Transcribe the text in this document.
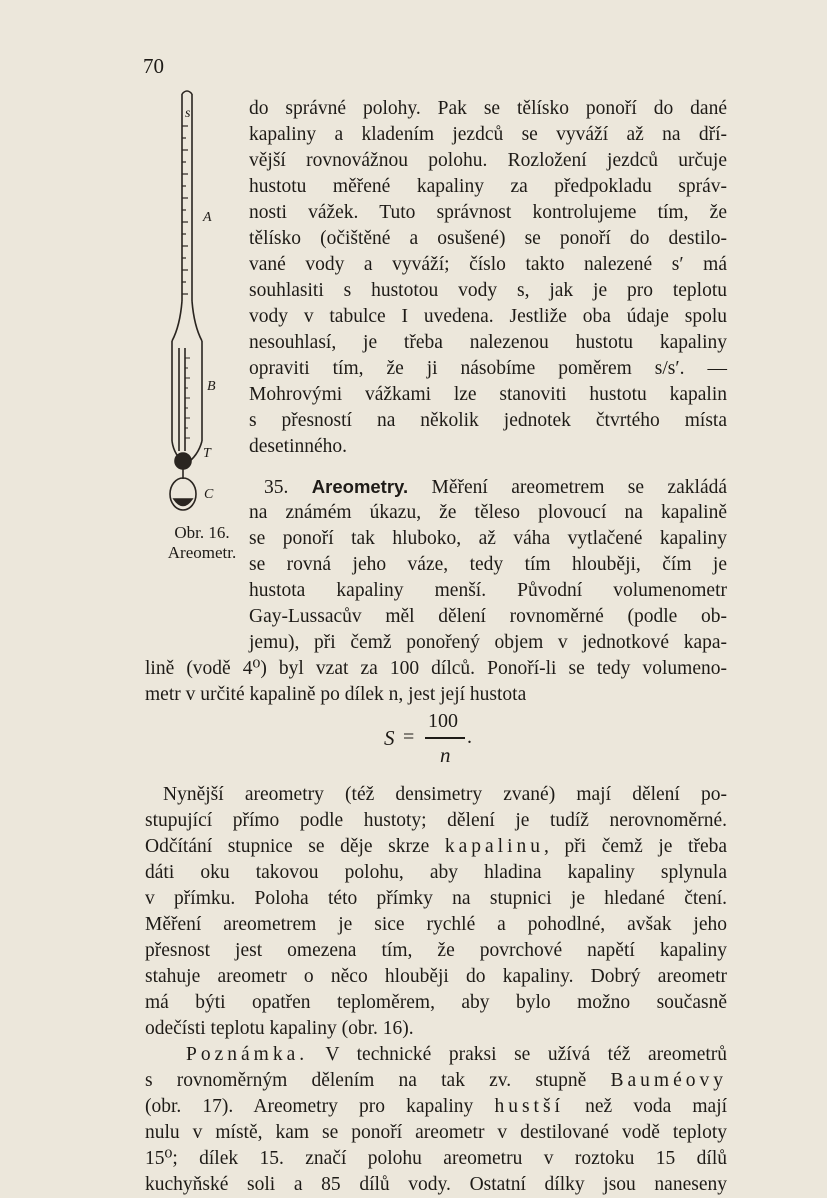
70
s
A
B
T
C
Obr. 16.
Areometr.
do správné polohy. Pak se tělísko ponoří do dané
kapaliny a kladením jezdců se vyváží až na dří-
vější rovnovážnou polohu. Rozložení jezdců určuje
hustotu měřené kapaliny za předpokladu správ-
nosti vážek. Tuto správnost kontrolujeme tím, že
tělísko (očištěné a osušené) se ponoří do destilo-
vané vody a vyváží; číslo takto nalezené s′ má
souhlasiti s hustotou vody s, jak je pro teplotu
vody v tabulce I uvedena. Jestliže oba údaje spolu
nesouhlasí, je třeba nalezenou hustotu kapaliny
opraviti tím, že ji násobíme poměrem s/s′. —
Mohrovými vážkami lze stanoviti hustotu kapalin
s přesností na několik jednotek čtvrtého místa
desetinného.
35. Areometry. Měření areometrem se zakládá
na známém úkazu, že těleso plovoucí na kapalině
se ponoří tak hluboko, až váha vytlačené kapaliny
se rovná jeho váze, tedy tím hlouběji, čím je
hustota kapaliny menší. Původní volumenometr
Gay-Lussacův měl dělení rovnoměrné (podle ob-
jemu), při čemž ponořený objem v jednotkové kapa-
lině (vodě 4⁰) byl vzat za 100 dílců. Ponoří-li se tedy volumeno-
metr v určité kapalině po dílek n, jest její hustota
S =
100
n
.
Nynější areometry (též densimetry zvané) mají dělení po-
stupující přímo podle hustoty; dělení je tudíž nerovnoměrné.
Odčítání stupnice se děje skrze kapalinu, při čemž je třeba
dáti oku takovou polohu, aby hladina kapaliny splynula
v přímku. Poloha této přímky na stupnici je hledané čtení.
Měření areometrem je sice rychlé a pohodlné, avšak jeho
přesnost jest omezena tím, že povrchové napětí kapaliny
stahuje areometr o něco hlouběji do kapaliny. Dobrý areometr
má býti opatřen teploměrem, aby bylo možno současně
odečísti teplotu kapaliny (obr. 16).
Poznámka. V technické praksi se užívá též areometrů
s rovnoměrným dělením na tak zv. stupně Bauméovy
(obr. 17). Areometry pro kapaliny hustší než voda mají
nulu v místě, kam se ponoří areometr v destilované vodě teploty
15⁰; dílek 15. značí polohu areometru v roztoku 15 dílů
kuchyňské soli a 85 dílů vody. Ostatní dílky jsou naneseny
